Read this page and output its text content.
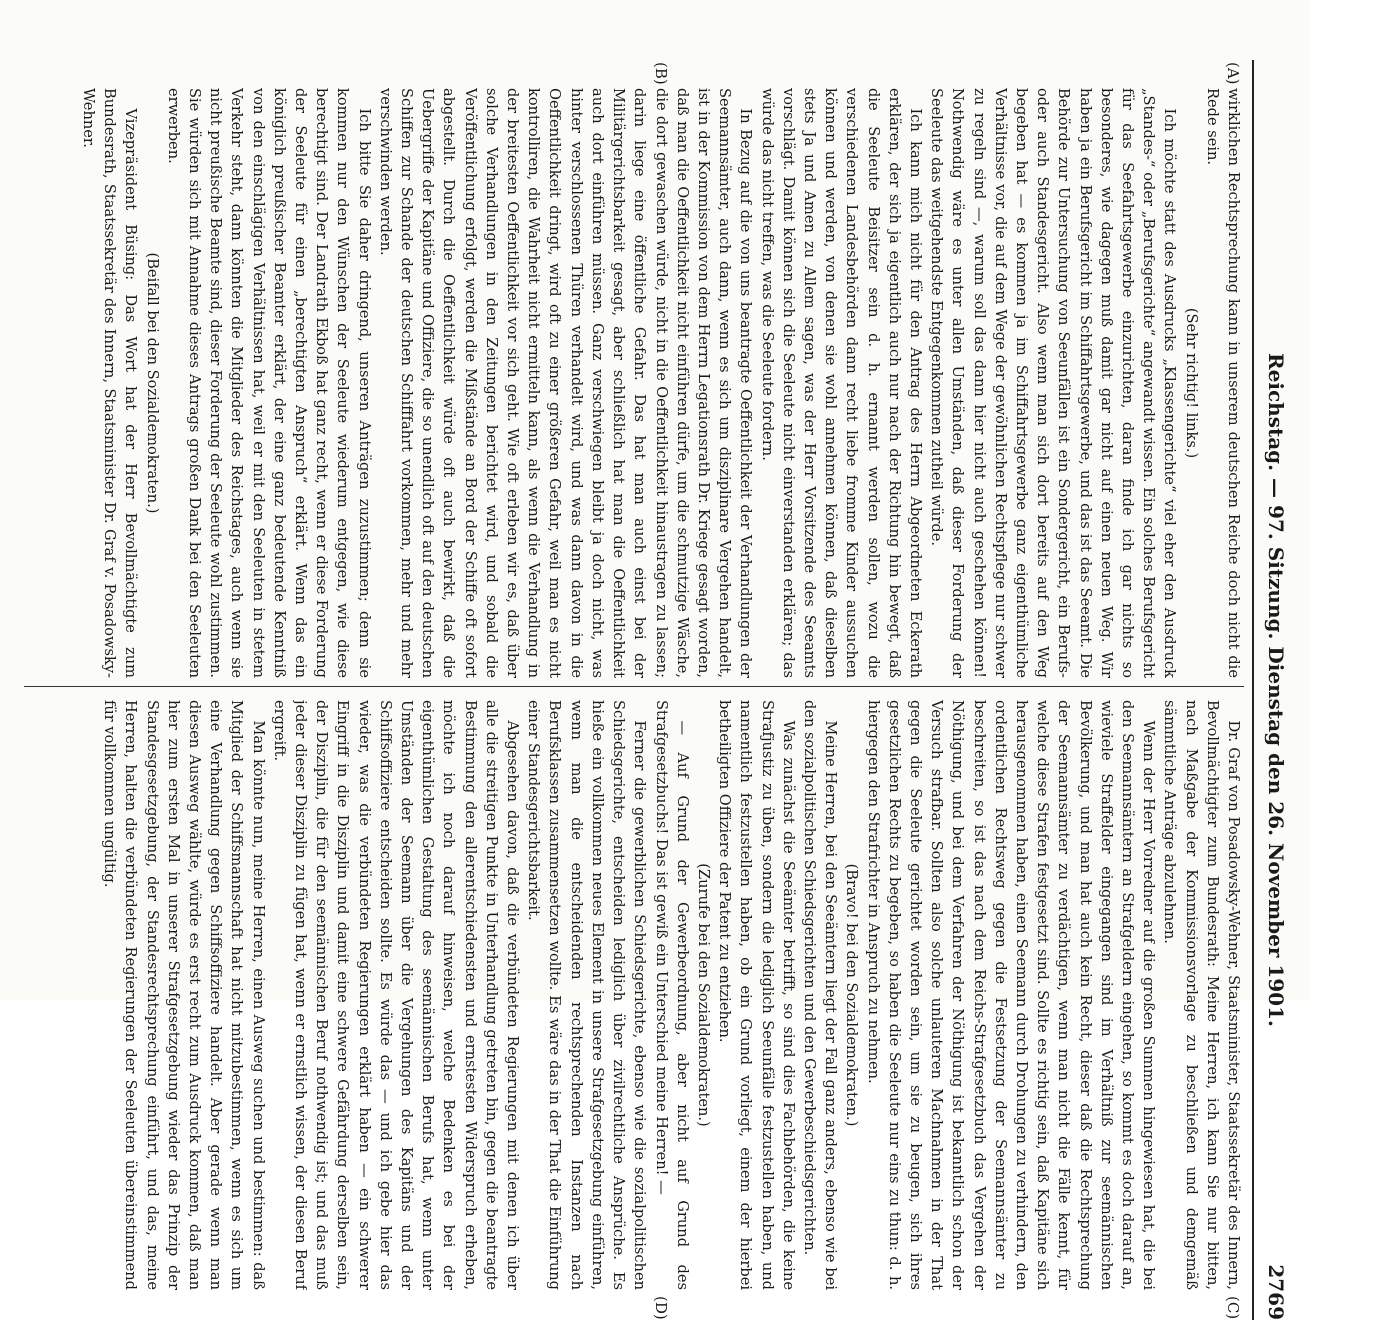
Reichstag. — 97. Sitzung. Dienstag den 26. November 1901.
2769
(A)
(B)
(C)
(D)

wirklichen Rechtsprechung kann in unserem deutschen Reiche doch nicht die Rede sein.

(Sehr richtig! links.)

Ich möchte statt des Ausdrucks „Klassengerichte“ viel eher den Ausdruck „Standes-“ oder „Berufsgerichte“ angewandt wissen. Ein solches Berufsgericht für das Seefahrtsgewerbe einzurichten, daran finde ich gar nichts so besonderes, wie dagegen muß damit gar nicht auf einen neuen Weg. Wir haben ja ein Berufsgericht im Schiffahrtsgewerbe, und das ist das Seeamt. Die Behörde zur Untersuchung von Seeunfällen ist ein Sondergericht, ein Berufs- oder auch Standesgericht. Also wenn man sich dort bereits auf den Weg begeben hat — es kommen ja im Schiffahrtsgewerbe ganz eigenthümliche Verhältnisse vor, die auf dem Wege der gewöhnlichen Rechtspflege nur schwer zu regeln sind —, warum soll das dann hier nicht auch geschehen können! Nothwendig wäre es unter allen Umständen, daß dieser Forderung der Seeleute das weitgehendste Entgegenkommen zutheil würde.

Ich kann mich nicht für den Antrag des Herrn Abgeordneten Eckerath erklären, der sich ja eigentlich auch nur nach der Richtung hin bewegt, daß die Seeleute Beisitzer sein d. h. ernannt werden sollen, wozu die verschiedenen Landesbehörden dann recht liebe fromme Kinder aussuchen können und werden, von denen sie wohl annehmen können, daß dieselben stets Ja und Amen zu Allem sagen, was der Herr Vorsitzende des Seeamts vorschlägt. Damit können sich die Seeleute nicht einverstanden erklären; das würde das nicht treffen, was die Seeleute fordern.

In Bezug auf die von uns beantragte Oeffentlichkeit der Verhandlungen der Seemannsämter, auch dann, wenn es sich um disziplinare Vergehen handelt, ist in der Kommission von dem Herrn Legationsrath Dr. Kriege gesagt worden, daß man die Oeffentlichkeit nicht einführen dürfe, um die schmutzige Wäsche, die dort gewaschen würde, nicht in die Oeffentlichkeit hinaustragen zu lassen; darin liege eine öffentliche Gefahr. Das hat man auch einst bei der Militärgerichtsbarkeit gesagt, aber schließlich hat man die Oeffentlichkeit auch dort einführen müssen. Ganz verschwiegen bleibt ja doch nicht, was hinter verschlossenen Thüren verhandelt wird, und was dann davon in die Oeffentlichkeit dringt, wird oft zu einer größeren Gefahr, weil man es nicht kontrolliren, die Wahrheit nicht ermitteln kann, als wenn die Verhandlung in der breitesten Oeffentlichkeit vor sich geht. Wie oft erleben wir es, daß über solche Verhandlungen in den Zeitungen berichtet wird, und sobald die Veröffentlichung erfolgt, werden die Mißstände an Bord der Schiffe oft sofort abgestellt. Durch die Oeffentlichkeit würde oft auch bewirkt, daß die Uebergriffe der Kapitäne und Offiziere, die so unendlich oft auf den deutschen Schiffen zur Schande der deutschen Schifffahrt vorkommen, mehr und mehr verschwinden werden.

Ich bitte Sie daher dringend, unseren Anträgen zuzustimmen; denn sie kommen nur den Wünschen der Seeleute wiederum entgegen, wie diese berechtigt sind. Der Landrath Ekboß hat ganz recht, wenn er diese Forderung der Seeleute für einen „berechtigten Anspruch“ erklärt. Wenn das ein königlich preußischer Beamter erklärt, der eine ganz bedeutende Kenntniß von den einschlägigen Verhältnissen hat, weil er mit den Seeleuten in stetem Verkehr steht, dann könnten die Mitglieder des Reichstages, auch wenn sie nicht preußische Beamte sind, dieser Forderung der Seeleute wohl zustimmen. Sie würden sich mit Annahme dieses Antrags großen Dank bei den Seeleuten erwerben.

(Beifall bei den Sozialdemokraten.)

Vizepräsident Büsing: Das Wort hat der Herr Bevollmächtigte zum Bundesrath, Staatssekretär des Innern, Staatsminister Dr. Graf v. Posadowsky-Wehner.

Dr. Graf von Posadowsky-Wehner, Staatsminister, Staatssekretär des Innern, Bevollmächtigter zum Bundesrath: Meine Herren, ich kann Sie nur bitten, nach Maßgabe der Kommissionsvorlage zu beschließen und demgemäß sämmtliche Anträge abzulehnen.

Wenn der Herr Vorredner auf die großen Summen hingewiesen hat, die bei den Seemannsämtern an Strafgeldern eingehen, so kommt es doch darauf an, wieviele Straffelder eingegangen sind im Verhältniß zur seemännischen Bevölkerung, und man hat auch kein Recht, dieser daß die Rechtsprechung der Seemannsämter zu verdächtigen, wenn man nicht die Fälle kennt, für welche diese Strafen festgesetzt sind. Sollte es richtig sein, daß Kapitäne sich herausgenommen haben, einen Seemann durch Drohungen zu verhindern, den ordentlichen Rechtsweg gegen die Festsetzung der Seemannsämter zu beschreiten, so ist das nach dem Reichs-Strafgesetzbuch das Vergehen der Nöthigung, und bei dem Verfahren der Nöthigung ist bekanntlich schon der Versuch strafbar. Sollten also solche unlauteren Machnahmen in der That gegen die Seeleute gerichtet worden sein, um sie zu beugen, sich ihres gesetzlichen Rechts zu begeben, so haben die Seeleute nur eins zu thun: d. h. hiergegen den Strafrichter in Anspruch zu nehmen.

(Bravo! bei den Sozialdemokraten.)

Meine Herren, bei den Seeämtern liegt der Fall ganz anders, ebenso wie bei den sozialpolitischen Schiedsgerichten und den Gewerbeschiedsgerichten.

Was zunächst die Seeämter betrifft, so sind dies Fachbehörden, die keine Strafjustiz zu üben, sondern die lediglich Seeunfälle festzustellen haben, und namentlich festzustellen haben, ob ein Grund vorliegt, einem der hierbei betheiligten Offiziere der Patent zu entziehen.

(Zurufe bei den Sozialdemokraten.)

— Auf Grund der Gewerbeordnung, aber nicht auf Grund des Strafgesetzbuchs! Das ist gewiß ein Unterschied meine Herren! —

Ferner die gewerblichen Schiedsgerichte, ebenso wie die sozialpolitischen Schiedsgerichte, entscheiden lediglich über zivilrechtliche Ansprüche. Es hieße ein vollkommen neues Element in unsere Strafgesetzgebung einführen, wenn man die entscheidenden rechtsprechenden Instanzen nach Berufsklassen zusammensetzen wollte. Es wäre das in der That die Einführung einer Standesgerichtsbarkeit.

Abgesehen davon, daß die verbündeten Regierungen mit denen ich über alle die streitigen Punkte in Unterhandlung getreten bin, gegen die beantragte Bestimmung den allerentschiedensten und ernstesten Widerspruch erheben, möchte ich noch darauf hinweisen, welche Bedenken es bei der eigenthümlichen Gestaltung des seemännischen Berufs hat, wenn unter Umständen der Seemann über die Vergehungen des Kapitäns und der Schiffsoffiziere entscheiden sollte. Es würde das — und ich gebe hier das wieder, was die verbündeten Regierungen erklärt haben — ein schwerer Eingriff in die Disziplin und damit eine schwere Gefährdung derselben sein, der Disziplin, die für den seemännischen Beruf nothwendig ist; und das muß jeder dieser Disziplin zu fügen hat, wenn er ernstlich wissen, der diesen Beruf ergreift.

Man könnte nun, meine Herren, einen Ausweg suchen und bestimmen: daß Mitglied der Schiffsmannschaft hat nicht mitzubestimmen, wenn es sich um eine Verhandlung gegen Schiffsoffiziere handelt. Aber gerade wenn man diesen Ausweg wählte, würde es erst recht zum Ausdruck kommen, daß man hier zum ersten Mal in unserer Strafgesetzgebung wieder das Prinzip der Standesgesetzgebung, der Standesrechtsprechung einführt, und das, meine Herren, halten die verbündeten Regierungen der Seeleuten übereinstimmend für vollkommen ungültig.
